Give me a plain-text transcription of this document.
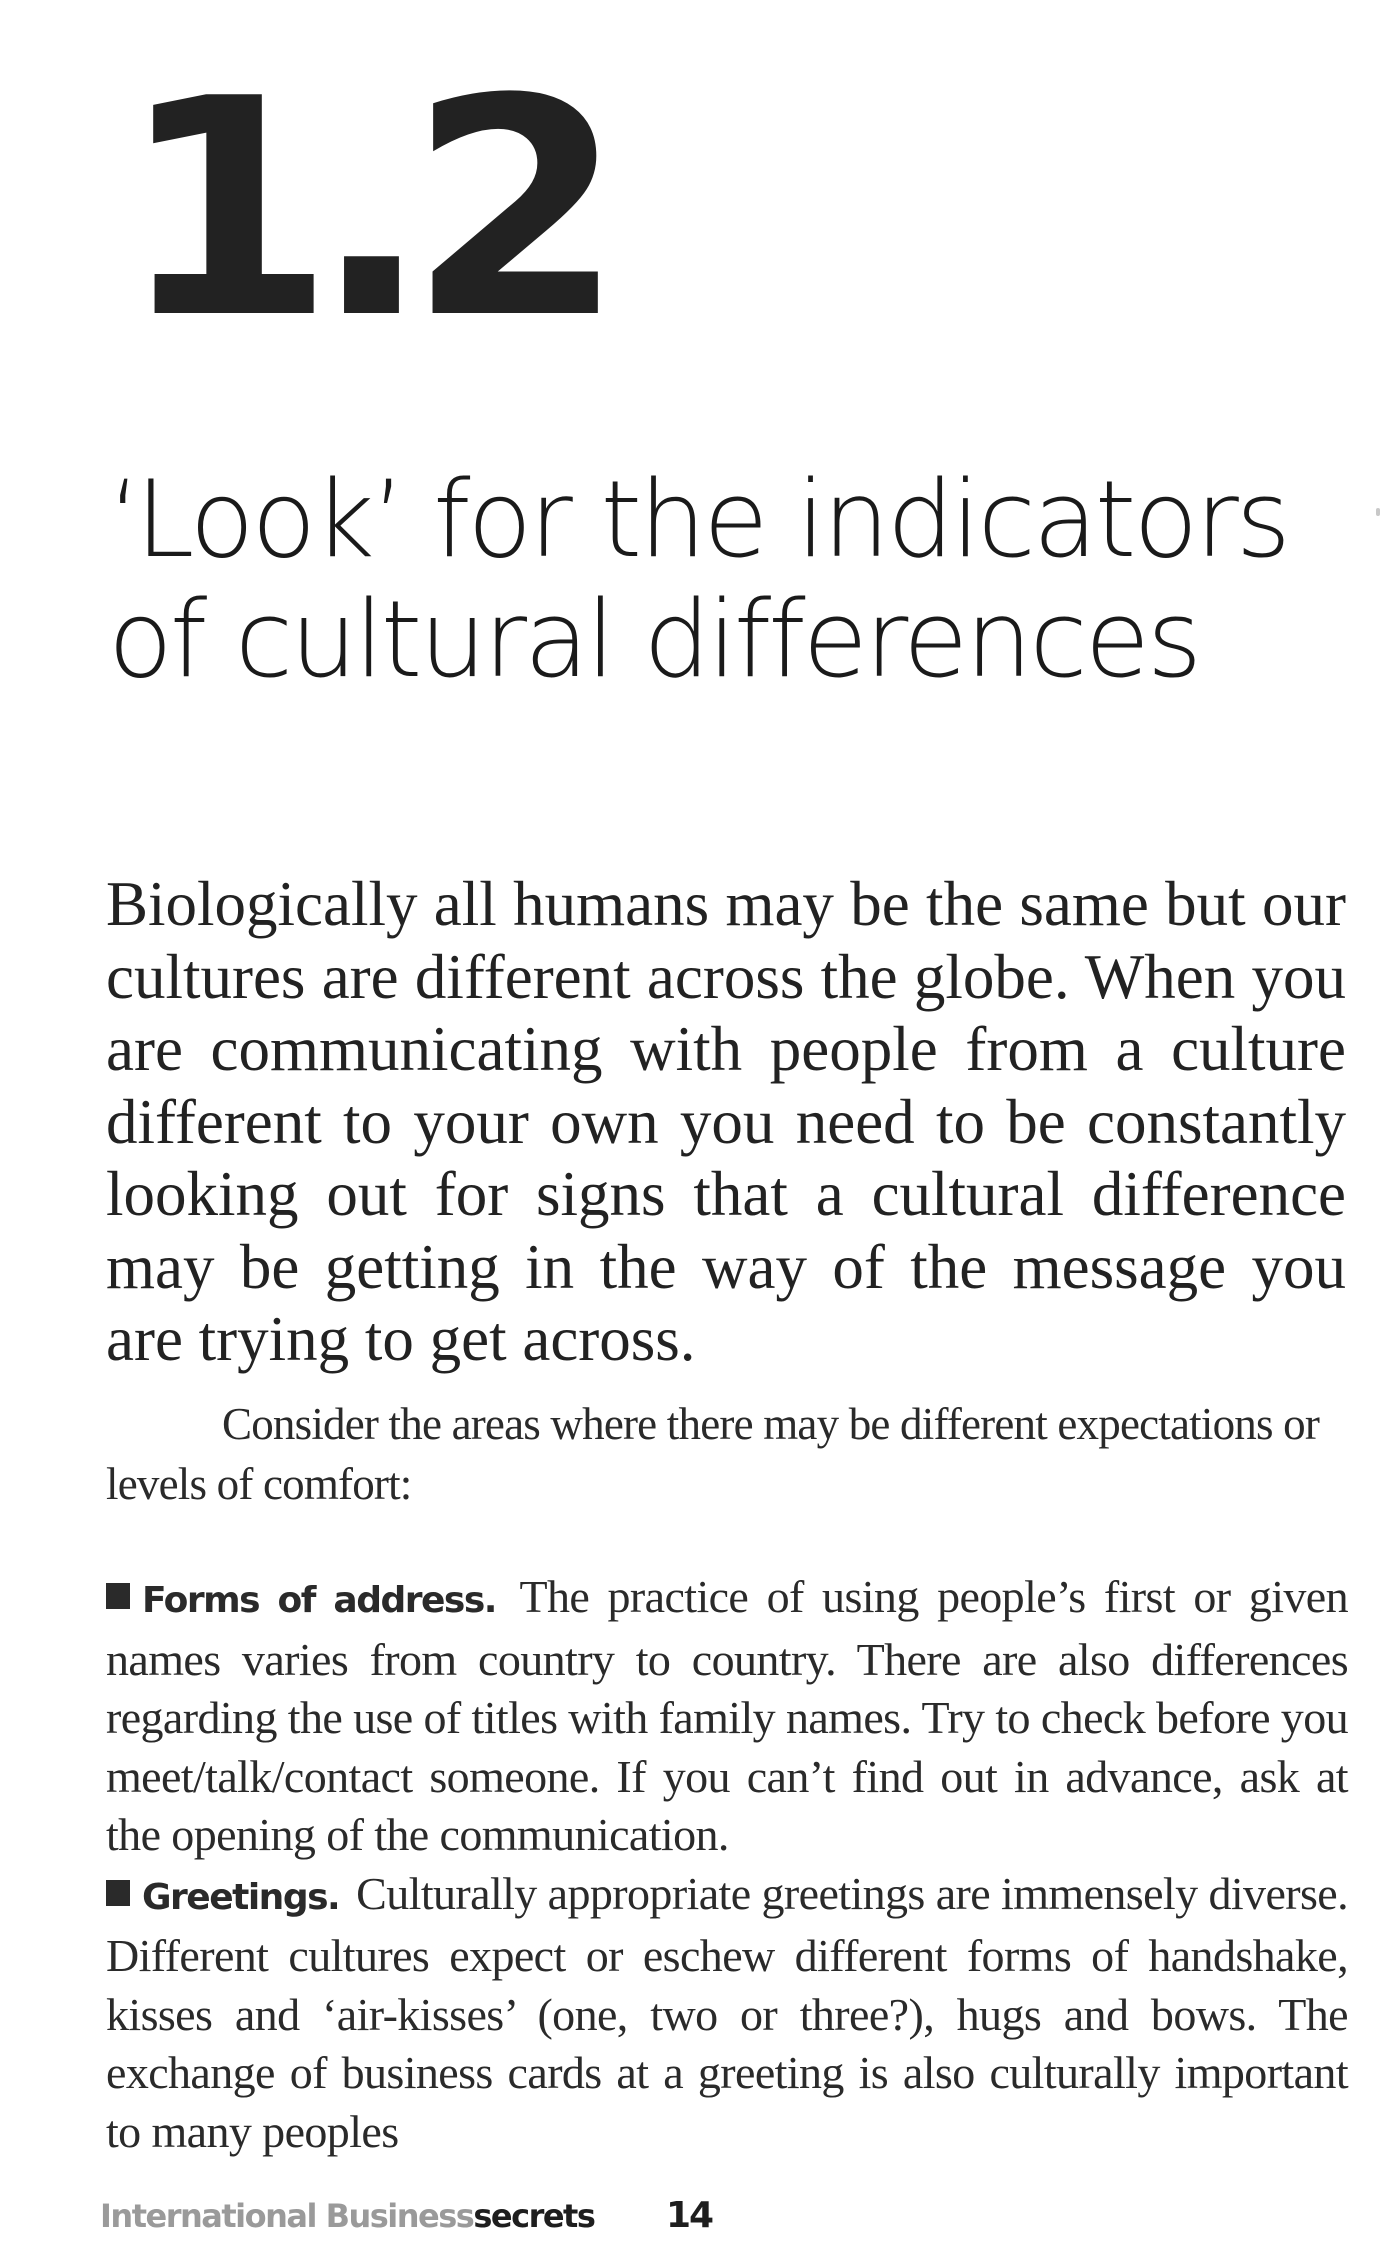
1.2
‘Look’ for the indicators of cultural differences

Biologically all humans may be the same but our cultures are different across the globe. When you are communicating with people from a culture different to your own you need to be constantly looking out for signs that a cultural difference may be getting in the way of the message you are trying to get across.

Consider the areas where there may be different expectations or levels of comfort:

Forms of address. The practice of using people’s first or given names varies from country to country. There are also differences regarding the use of titles with family names. Try to check before you meet/talk/contact someone. If you can’t find out in advance, ask at the opening of the communication.
Greetings. Culturally appropriate greetings are immensely diverse. Different cultures expect or eschew different forms of handshake, kisses and ‘air-kisses’ (one, two or three?), hugs and bows. The exchange of business cards at a greeting is also culturally important to many peoples
International Businesssecrets 14
